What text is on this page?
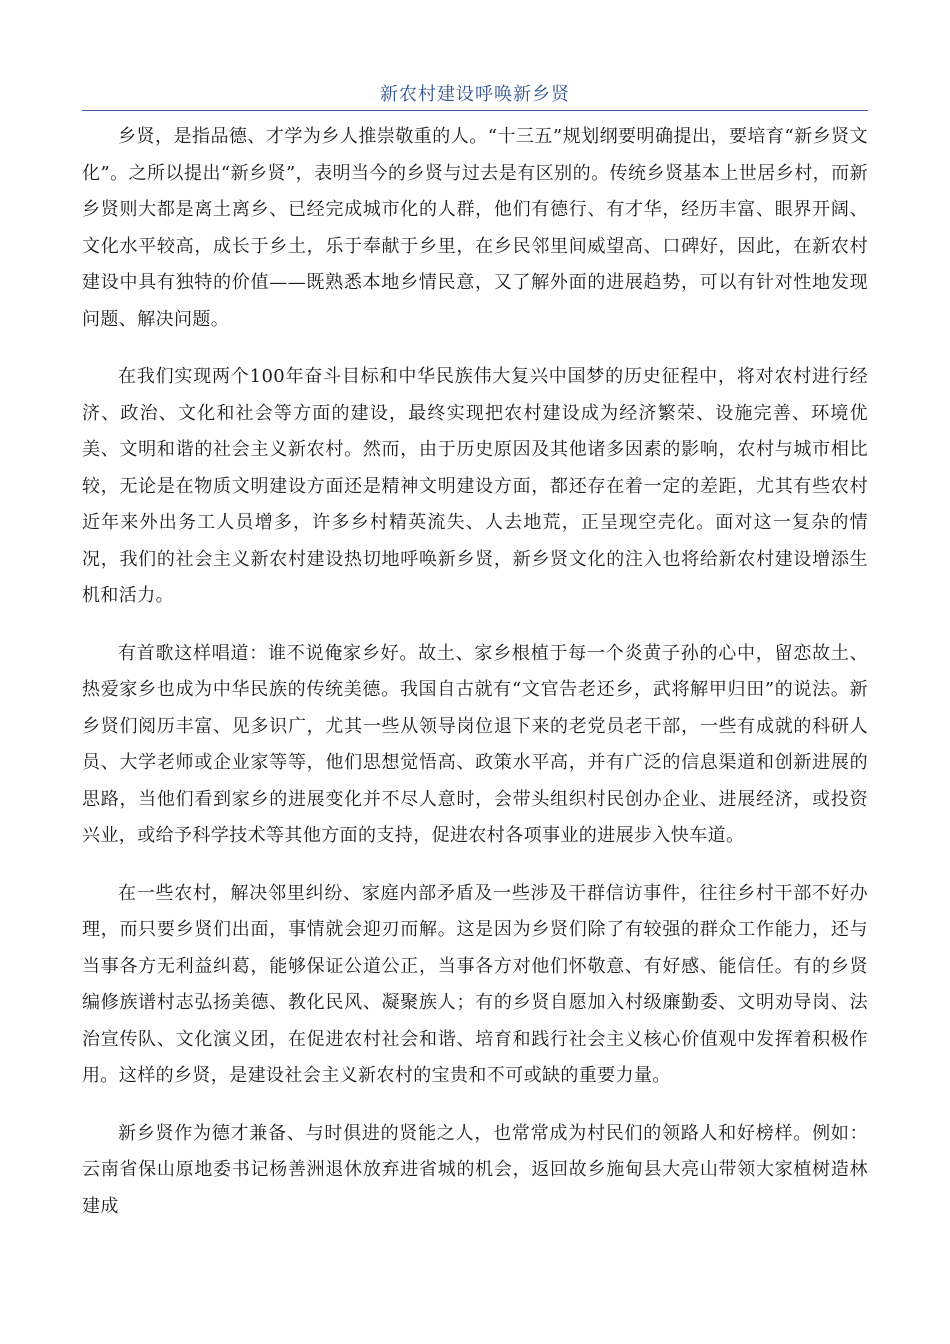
新农村建设呼唤新乡贤

乡贤，是指品德、才学为乡人推崇敬重的人。“十三五”规划纲要明确提出，要培育“新乡贤文化”。之所以提出“新乡贤”，表明当今的乡贤与过去是有区别的。传统乡贤基本上世居乡村，而新乡贤则大都是离土离乡、已经完成城市化的人群，他们有德行、有才华，经历丰富、眼界开阔、文化水平较高，成长于乡土，乐于奉献于乡里，在乡民邻里间威望高、口碑好，因此，在新农村建设中具有独特的价值——既熟悉本地乡情民意，又了解外面的进展趋势，可以有针对性地发现问题、解决问题。

在我们实现两个100年奋斗目标和中华民族伟大复兴中国梦的历史征程中，将对农村进行经济、政治、文化和社会等方面的建设，最终实现把农村建设成为经济繁荣、设施完善、环境优美、文明和谐的社会主义新农村。然而，由于历史原因及其他诸多因素的影响，农村与城市相比较，无论是在物质文明建设方面还是精神文明建设方面，都还存在着一定的差距，尤其有些农村近年来外出务工人员增多，许多乡村精英流失、人去地荒，正呈现空壳化。面对这一复杂的情况，我们的社会主义新农村建设热切地呼唤新乡贤，新乡贤文化的注入也将给新农村建设增添生机和活力。

有首歌这样唱道：谁不说俺家乡好。故土、家乡根植于每一个炎黄子孙的心中，留恋故土、热爱家乡也成为中华民族的传统美德。我国自古就有“文官告老还乡，武将解甲归田”的说法。新乡贤们阅历丰富、见多识广，尤其一些从领导岗位退下来的老党员老干部，一些有成就的科研人员、大学老师或企业家等等，他们思想觉悟高、政策水平高，并有广泛的信息渠道和创新进展的思路，当他们看到家乡的进展变化并不尽人意时，会带头组织村民创办企业、进展经济，或投资兴业，或给予科学技术等其他方面的支持，促进农村各项事业的进展步入快车道。

在一些农村，解决邻里纠纷、家庭内部矛盾及一些涉及干群信访事件，往往乡村干部不好办理，而只要乡贤们出面，事情就会迎刃而解。这是因为乡贤们除了有较强的群众工作能力，还与当事各方无利益纠葛，能够保证公道公正，当事各方对他们怀敬意、有好感、能信任。有的乡贤编修族谱村志弘扬美德、教化民风、凝聚族人；有的乡贤自愿加入村级廉勤委、文明劝导岗、法治宣传队、文化演义团，在促进农村社会和谐、培育和践行社会主义核心价值观中发挥着积极作用。这样的乡贤，是建设社会主义新农村的宝贵和不可或缺的重要力量。

新乡贤作为德才兼备、与时俱进的贤能之人，也常常成为村民们的领路人和好榜样。例如：云南省保山原地委书记杨善洲退休放弃进省城的机会，返回故乡施甸县大亮山带领大家植树造林建成
